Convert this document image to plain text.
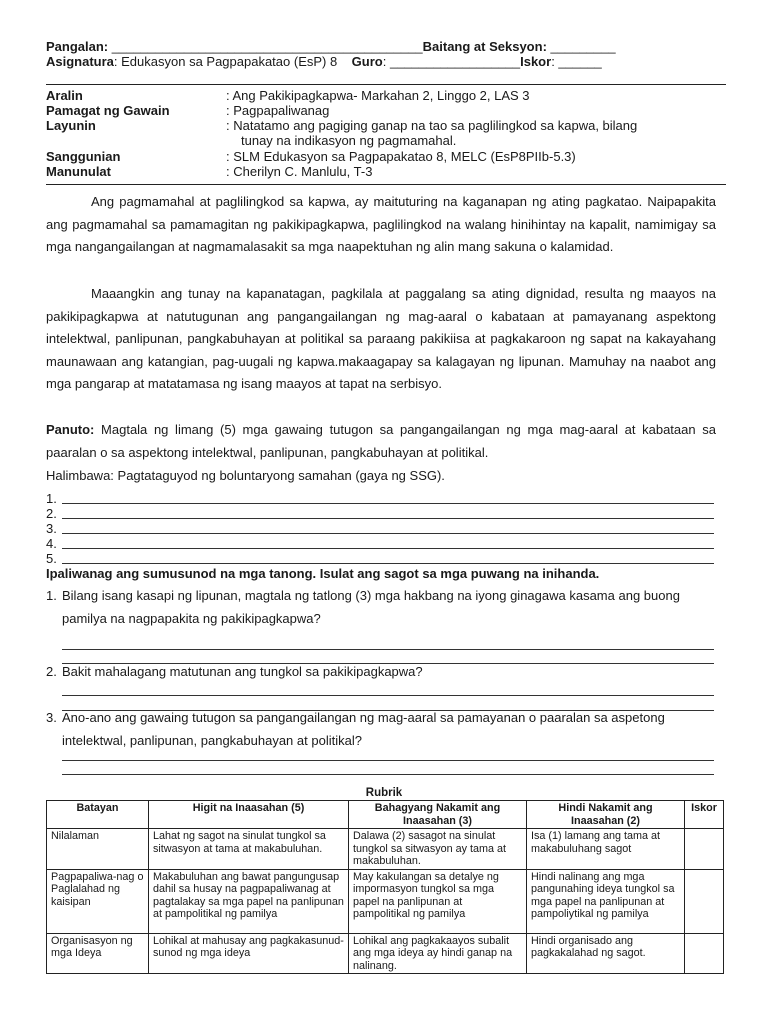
Pangalan: ___________________________________________Baitang at Seksyon: _________
Asignatura: Edukasyon sa Pagpapakatao (EsP) 8 Guro: __________________Iskor: ______
Aralin	: Ang Pakikipagkapwa- Markahan 2, Linggo 2, LAS 3
Pamagat ng Gawain	: Pagpapaliwanag
Layunin	: Natatamo ang pagiging ganap na tao sa paglilingkod sa kapwa, bilang
tunay na indikasyon ng pagmamahal.
Sanggunian	: SLM Edukasyon sa Pagpapakatao 8, MELC (EsP8PIIb-5.3)
Manunulat	: Cherilyn C. Manlulu, T-3
Ang pagmamahal at paglilingkod sa kapwa, ay maituturing na kaganapan ng ating pagkatao. Naipapakita ang pagmamahal sa pamamagitan ng pakikipagkapwa, paglilingkod na walang hinihintay na kapalit, namimigay sa mga nangangailangan at nagmamalasakit sa mga naapektuhan ng alin mang sakuna o kalamidad.
Maaangkin ang tunay na kapanatagan, pagkilala at paggalang sa ating dignidad, resulta ng maayos na pakikipagkapwa at natutugunan ang pangangailangan ng mag-aaral o kabataan at pamayanang aspektong intelektwal, panlipunan, pangkabuhayan at politikal sa paraang pakikiisa at pagkakaroon ng sapat na kakayahang maunawaan ang katangian, pag-uugali ng kapwa.makaagapay sa kalagayan ng lipunan. Mamuhay na naabot ang mga pangarap at matatamasa ng isang maayos at tapat na serbisyo.
Panuto: Magtala ng limang (5) mga gawaing tutugon sa pangangailangan ng mga mag-aaral at kabataan sa paaralan o sa aspektong intelektwal, panlipunan, pangkabuhayan at politikal.
Halimbawa: Pagtataguyod ng boluntaryong samahan (gaya ng SSG).
1.
2.
3.
4.
5.
Ipaliwanag ang sumusunod na mga tanong. Isulat ang sagot sa mga puwang na inihanda.
1. Bilang isang kasapi ng lipunan, magtala ng tatlong (3) mga hakbang na iyong ginagawa kasama ang buong pamilya na nagpapakita ng pakikipagkapwa?
2. Bakit mahalagang matutunan ang tungkol sa pakikipagkapwa?
3. Ano-ano ang gawaing tutugon sa pangangailangan ng mag-aaral sa pamayanan o paaralan sa aspetong intelektwal, panlipunan, pangkabuhayan at politikal?
Rubrik
Batayan	Higit na Inaasahan (5)	Bahagyang Nakamit ang Inaasahan (3)	Hindi Nakamit ang Inaasahan (2)	Iskor
Nilalaman	Lahat ng sagot na sinulat tungkol sa sitwasyon at tama at makabuluhan.	Dalawa (2) sasagot na sinulat tungkol sa sitwasyon ay tama at makabuluhan.	Isa (1) lamang ang tama at makabuluhang sagot	
Pagpapaliwa-nag o Paglalahad ng kaisipan	Makabuluhan ang bawat pangungusap dahil sa husay na pagpapaliwanag at pagtalakay sa mga papel na panlipunan at pampolitikal ng pamilya	May kakulangan sa detalye ng impormasyon tungkol sa mga papel na panlipunan at pampolitikal ng pamilya	Hindi nalinang ang mga pangunahing ideya tungkol sa mga papel na panlipunan at pampoliytikal ng pamilya	
Organisasyon ng mga Ideya	Lohikal at mahusay ang pagkakasunud-sunod ng mga ideya	Lohikal ang pagkakaayos subalit ang mga ideya ay hindi ganap na nalinang.	Hindi organisado ang pagkakalahad ng sagot.	
